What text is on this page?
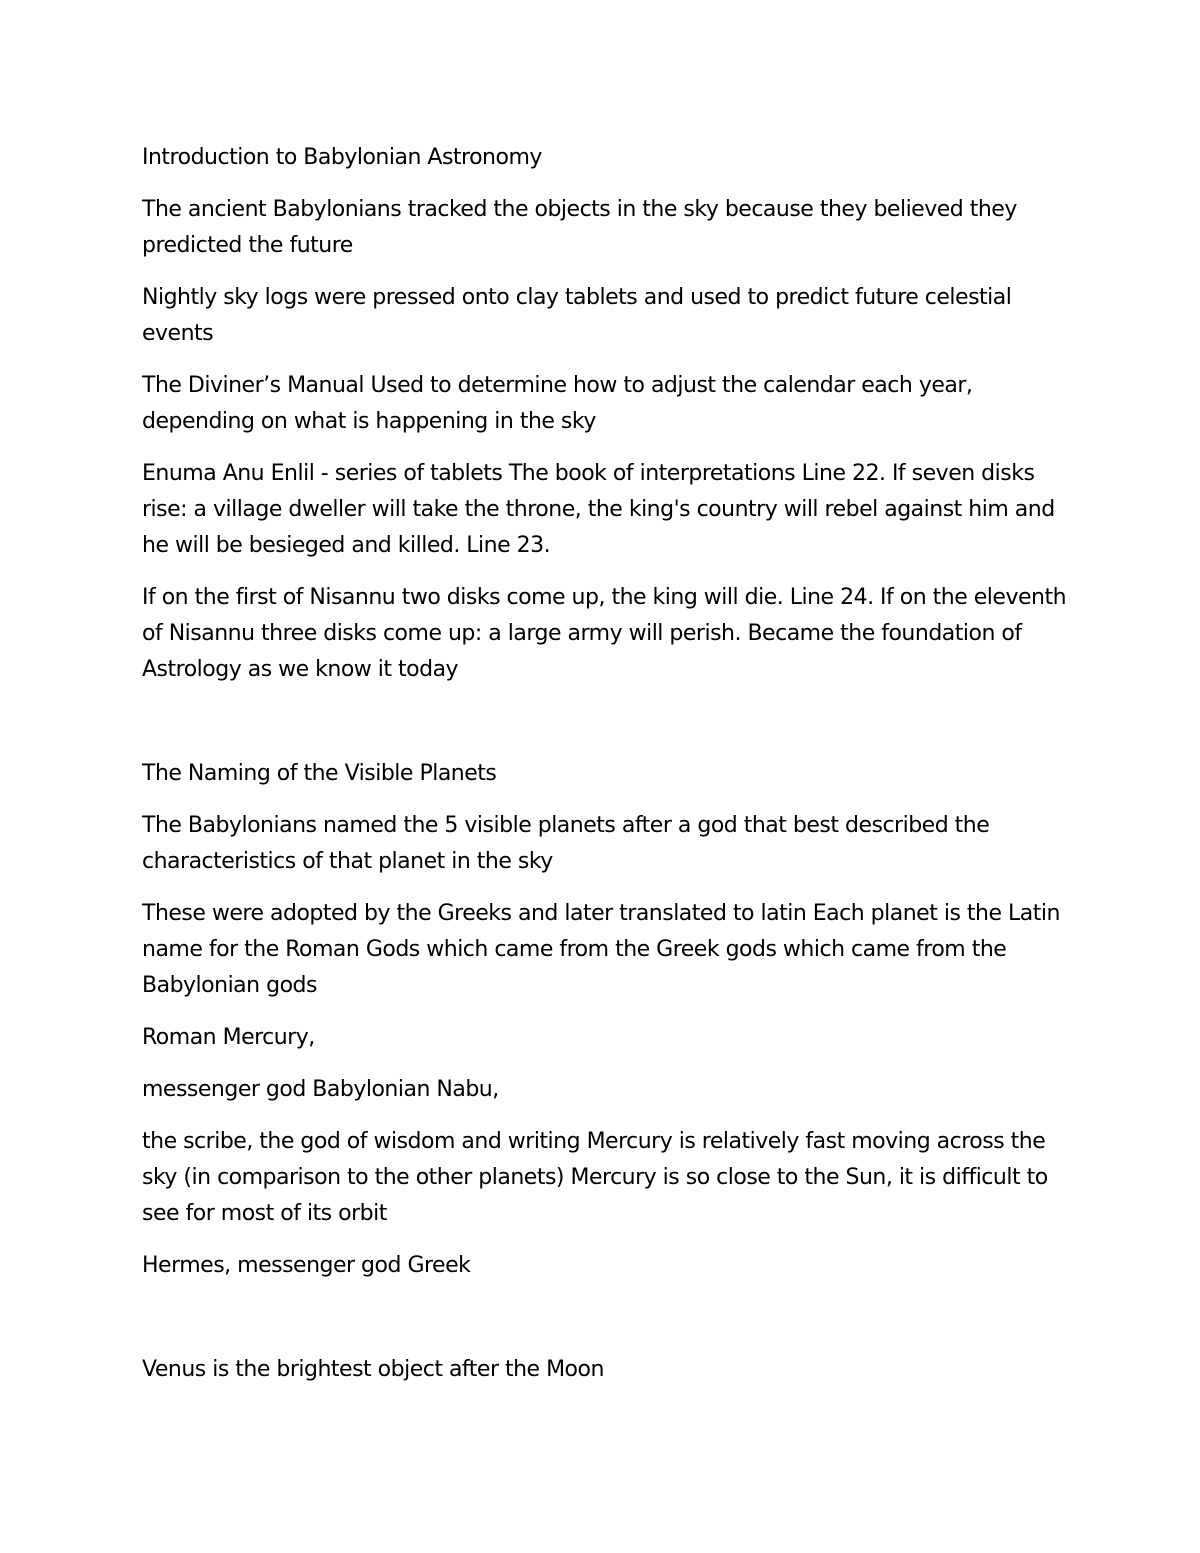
Introduction to Babylonian Astronomy

The ancient Babylonians tracked the objects in the sky because they believed they predicted the future

Nightly sky logs were pressed onto clay tablets and used to predict future celestial events

The Diviner’s Manual Used to determine how to adjust the calendar each year, depending on what is happening in the sky

Enuma Anu Enlil - series of tablets The book of interpretations Line 22. If seven disks rise: a village dweller will take the throne, the king's country will rebel against him and he will be besieged and killed. Line 23.

If on the first of Nisannu two disks come up, the king will die. Line 24. If on the eleventh of Nisannu three disks come up: a large army will perish. Became the foundation of Astrology as we know it today

The Naming of the Visible Planets

The Babylonians named the 5 visible planets after a god that best described the characteristics of that planet in the sky

These were adopted by the Greeks and later translated to latin Each planet is the Latin name for the Roman Gods which came from the Greek gods which came from the Babylonian gods

Roman Mercury,

messenger god Babylonian Nabu,

the scribe, the god of wisdom and writing Mercury is relatively fast moving across the sky (in comparison to the other planets) Mercury is so close to the Sun, it is difficult to see for most of its orbit

Hermes, messenger god Greek

Venus is the brightest object after the Moon
